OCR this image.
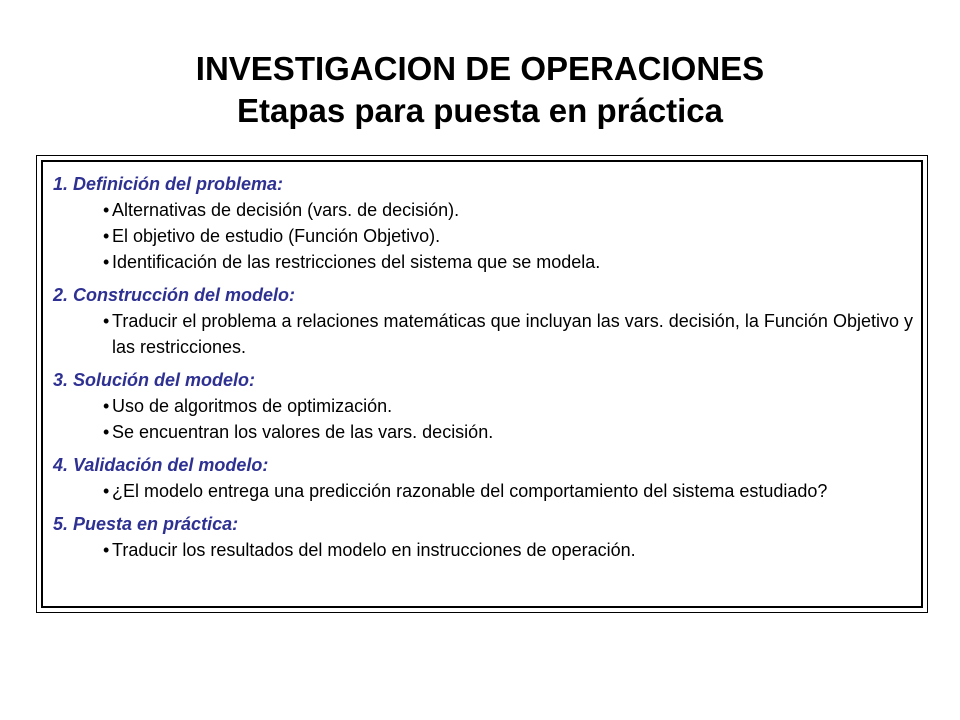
INVESTIGACION DE OPERACIONES
Etapas para puesta en práctica
1. Definición del problema:
• Alternativas de decisión (vars. de decisión).
• El objetivo de estudio (Función Objetivo).
• Identificación de las restricciones del sistema que se modela.
2. Construcción del modelo:
• Traducir el problema a relaciones matemáticas que incluyan las vars. decisión, la Función Objetivo y las restricciones.
3. Solución del modelo:
• Uso de algoritmos de optimización.
• Se encuentran los valores de las vars. decisión.
4. Validación del modelo:
• ¿El modelo entrega una predicción razonable del comportamiento del sistema estudiado?
5. Puesta en práctica:
• Traducir los resultados del modelo en instrucciones de operación.
